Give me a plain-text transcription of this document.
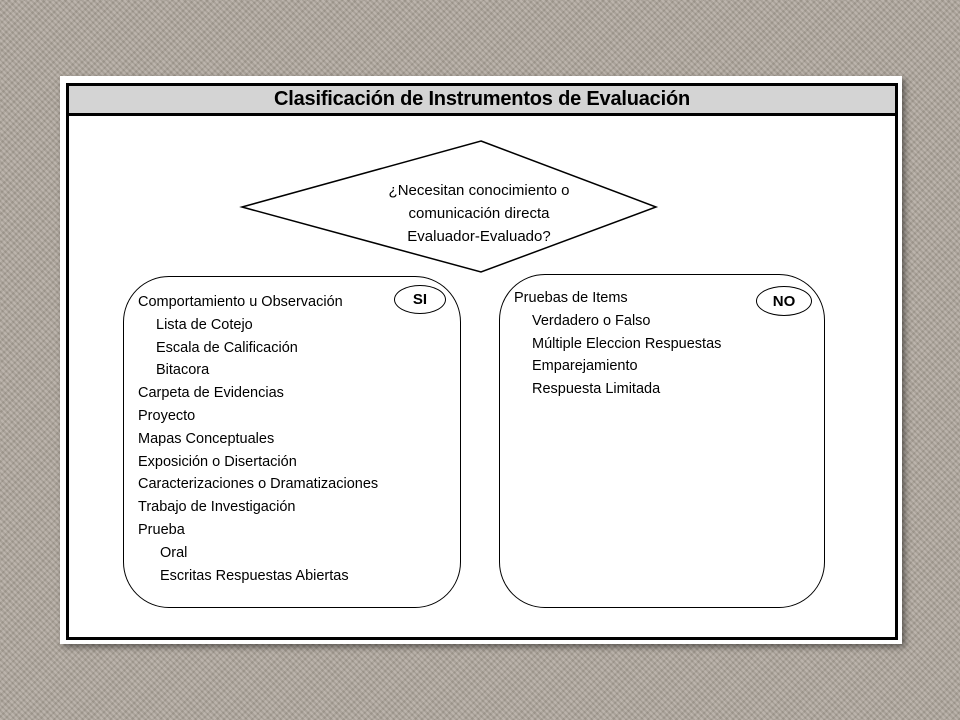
Clasificación de Instrumentos de Evaluación
¿Necesitan conocimiento o
comunicación directa
Evaluador-Evaluado?
SI
Comportamiento u Observación
Lista de Cotejo
Escala de Calificación
Bitacora
Carpeta de Evidencias
Proyecto
Mapas Conceptuales
Exposición o Disertación
Caracterizaciones o Dramatizaciones
Trabajo de Investigación
Prueba
Oral
Escritas Respuestas Abiertas
NO
Pruebas de Items
Verdadero o Falso
Múltiple Eleccion Respuestas
Emparejamiento
Respuesta Limitada
